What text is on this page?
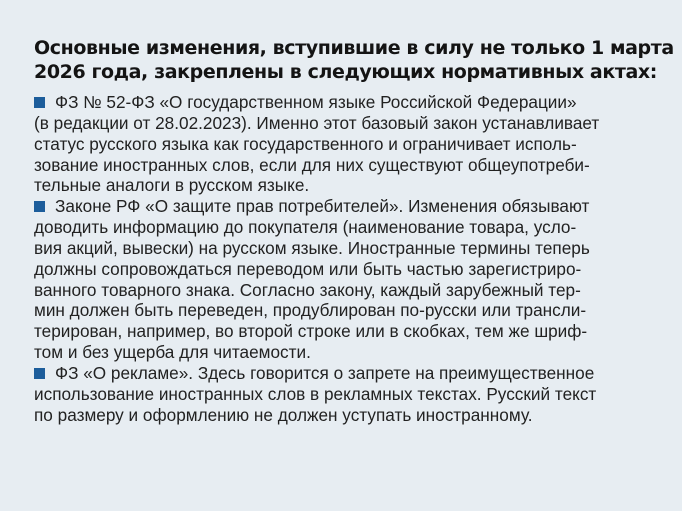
Основные изменения, вступившие в силу не только 1 марта
2026 года, закреплены в следующих нормативных актах:
ФЗ № 52-ФЗ «О государственном языке Российской Федерации»
(в редакции от 28.02.2023). Именно этот базовый закон устанавливает
статус русского языка как государственного и ограничивает исполь-
зование иностранных слов, если для них существуют общеупотреби-
тельные аналоги в русском языке.
Законе РФ «О защите прав потребителей». Изменения обязывают
доводить информацию до покупателя (наименование товара, усло-
вия акций, вывески) на русском языке. Иностранные термины теперь
должны сопровождаться переводом или быть частью зарегистриро-
ванного товарного знака. Согласно закону, каждый зарубежный тер-
мин должен быть переведен, продублирован по-русски или трансли-
терирован, например, во второй строке или в скобках, тем же шриф-
том и без ущерба для читаемости.
ФЗ «О рекламе». Здесь говорится о запрете на преимущественное
использование иностранных слов в рекламных текстах. Русский текст
по размеру и оформлению не должен уступать иностранному.
